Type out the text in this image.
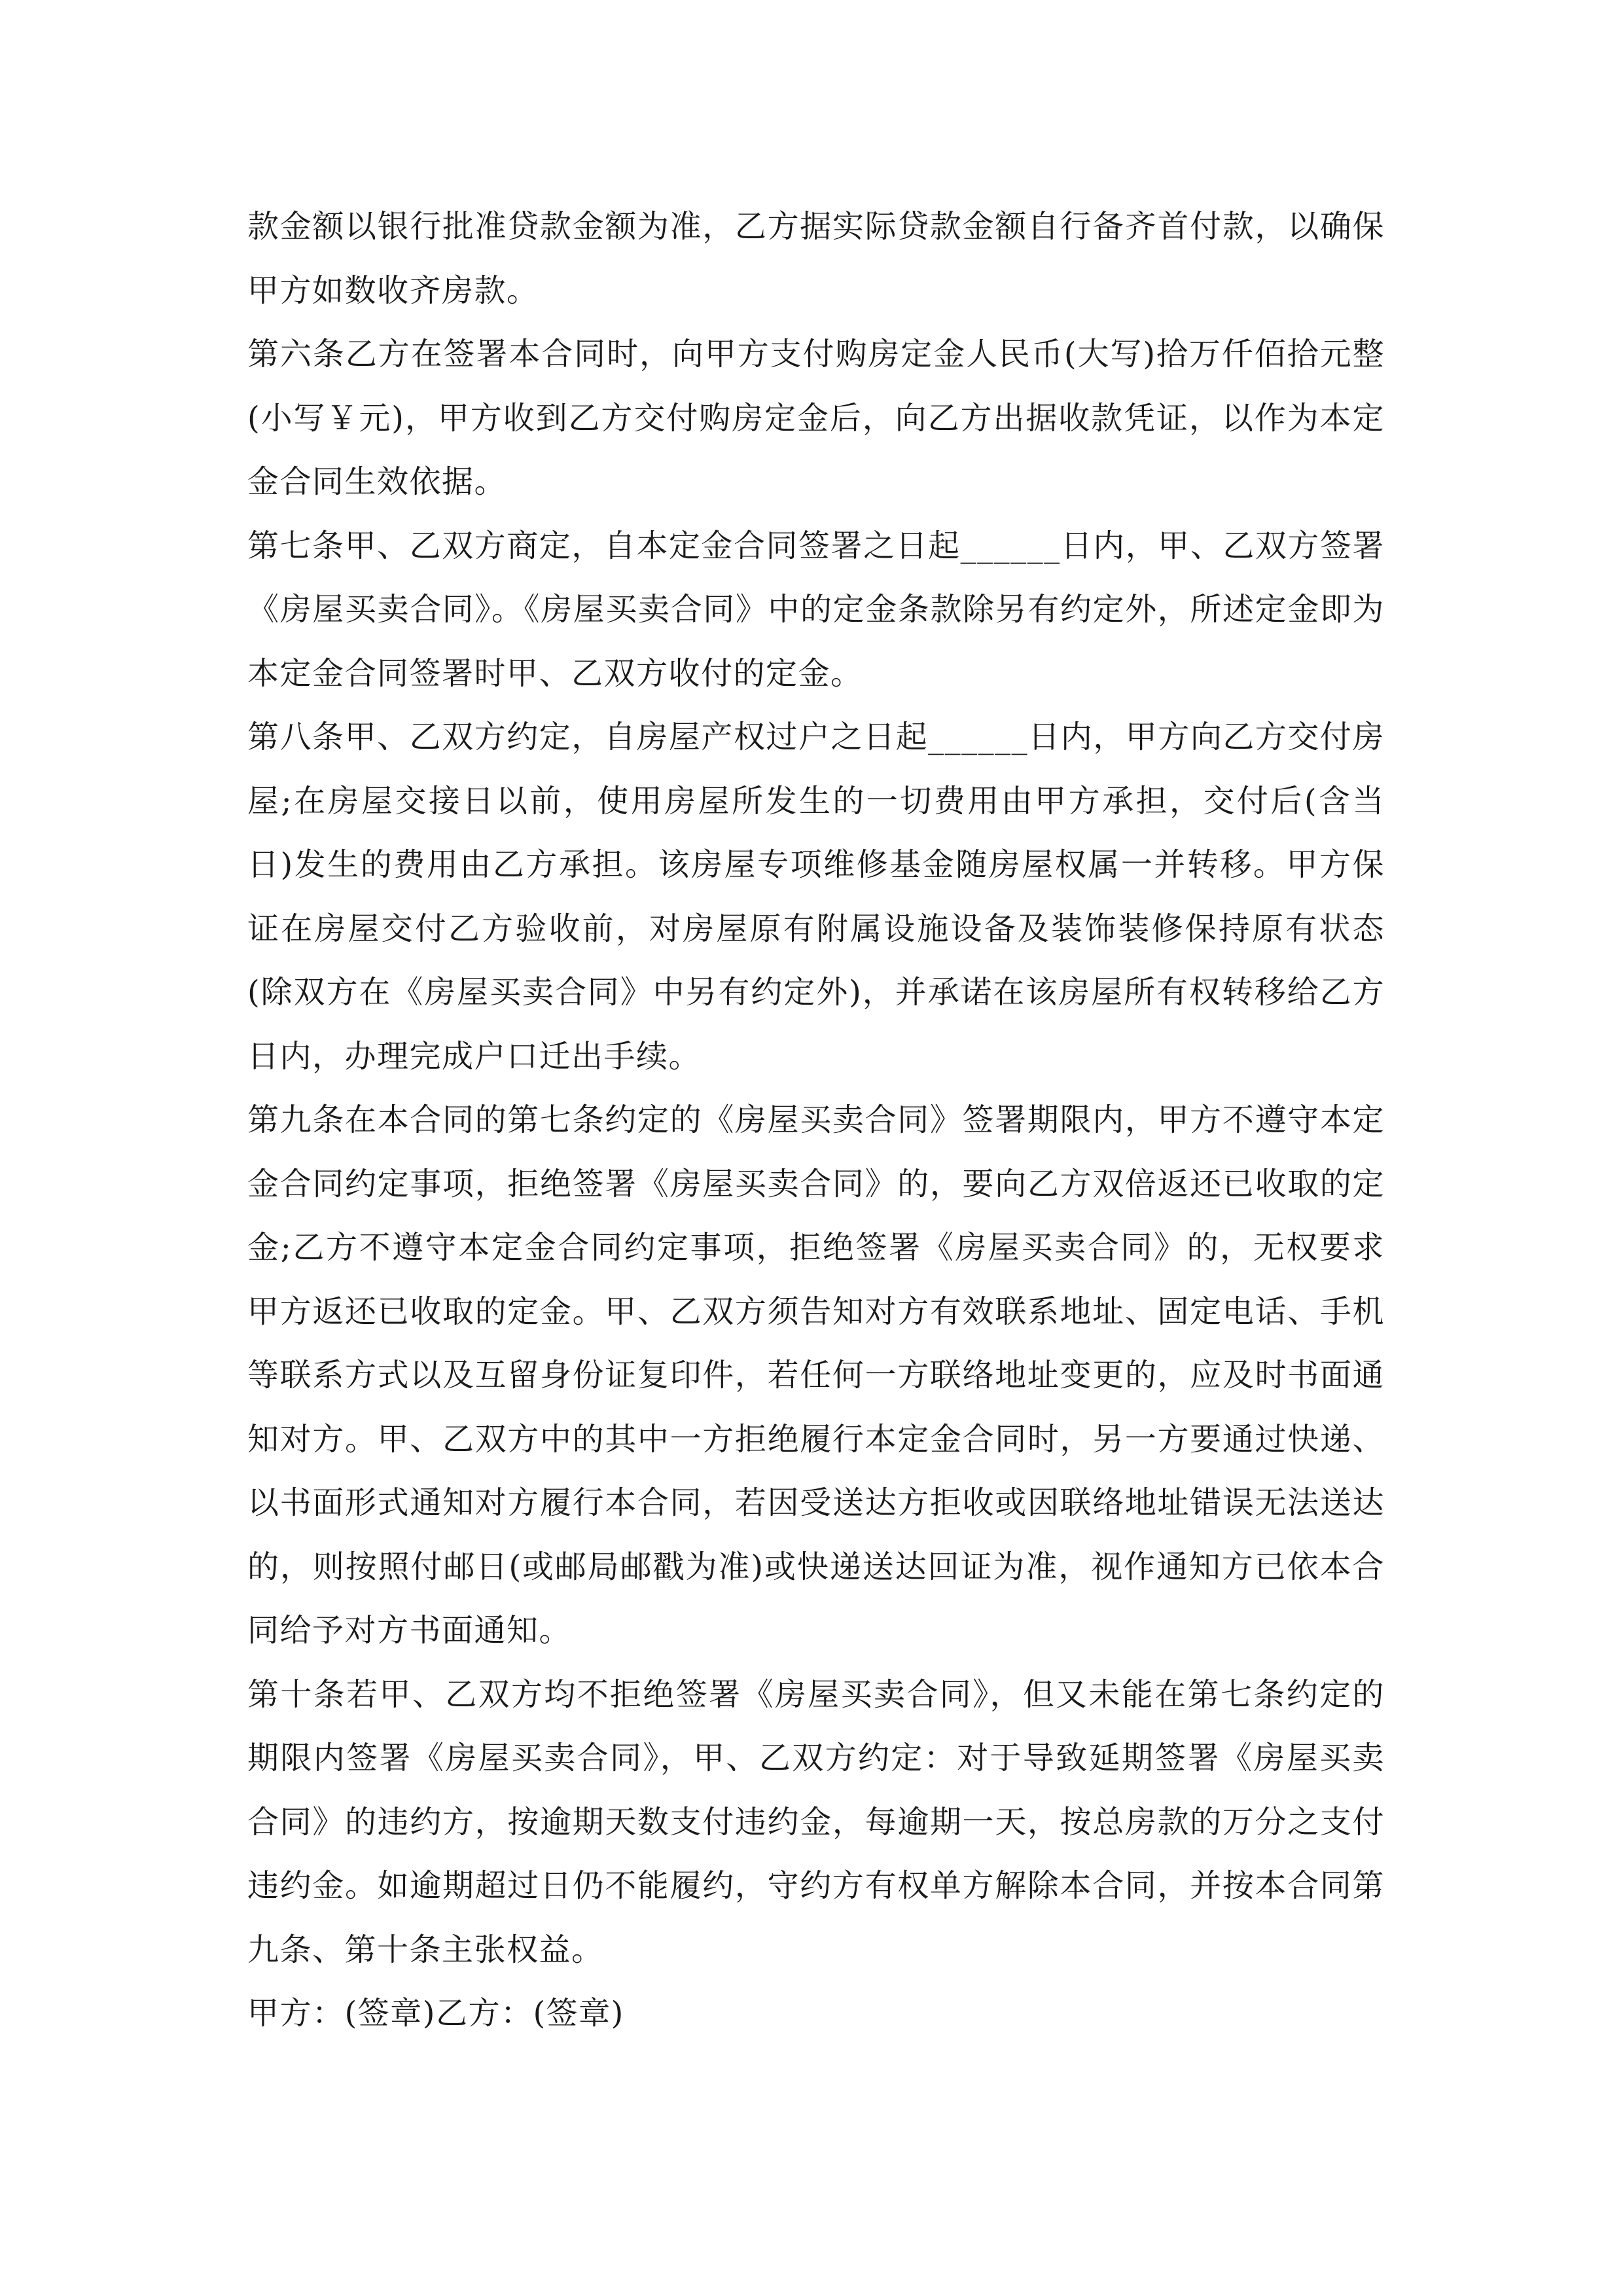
款金额以银行批准贷款金额为准，乙方据实际贷款金额自行备齐首付款，以确保甲方如数收齐房款。

第六条乙方在签署本合同时，向甲方支付购房定金人民币(大写)拾万仟佰拾元整(小写￥元)，甲方收到乙方交付购房定金后，向乙方出据收款凭证，以作为本定金合同生效依据。

第七条甲、乙双方商定，自本定金合同签署之日起______日内，甲、乙双方签署《房屋买卖合同》。《房屋买卖合同》中的定金条款除另有约定外，所述定金即为本定金合同签署时甲、乙双方收付的定金。

第八条甲、乙双方约定，自房屋产权过户之日起______日内，甲方向乙方交付房屋;在房屋交接日以前，使用房屋所发生的一切费用由甲方承担，交付后(含当日)发生的费用由乙方承担。该房屋专项维修基金随房屋权属一并转移。甲方保证在房屋交付乙方验收前，对房屋原有附属设施设备及装饰装修保持原有状态(除双方在《房屋买卖合同》中另有约定外)，并承诺在该房屋所有权转移给乙方日内，办理完成户口迁出手续。

第九条在本合同的第七条约定的《房屋买卖合同》签署期限内，甲方不遵守本定金合同约定事项，拒绝签署《房屋买卖合同》的，要向乙方双倍返还已收取的定金;乙方不遵守本定金合同约定事项，拒绝签署《房屋买卖合同》的，无权要求甲方返还已收取的定金。甲、乙双方须告知对方有效联系地址、固定电话、手机等联系方式以及互留身份证复印件，若任何一方联络地址变更的，应及时书面通知对方。甲、乙双方中的其中一方拒绝履行本定金合同时，另一方要通过快递、以书面形式通知对方履行本合同，若因受送达方拒收或因联络地址错误无法送达的，则按照付邮日(或邮局邮戳为准)或快递送达回证为准，视作通知方已依本合同给予对方书面通知。

第十条若甲、乙双方均不拒绝签署《房屋买卖合同》，但又未能在第七条约定的期限内签署《房屋买卖合同》，甲、乙双方约定：对于导致延期签署《房屋买卖合同》的违约方，按逾期天数支付违约金，每逾期一天，按总房款的万分之支付违约金。如逾期超过日仍不能履约，守约方有权单方解除本合同，并按本合同第九条、第十条主张权益。

甲方：(签章)乙方：(签章)
